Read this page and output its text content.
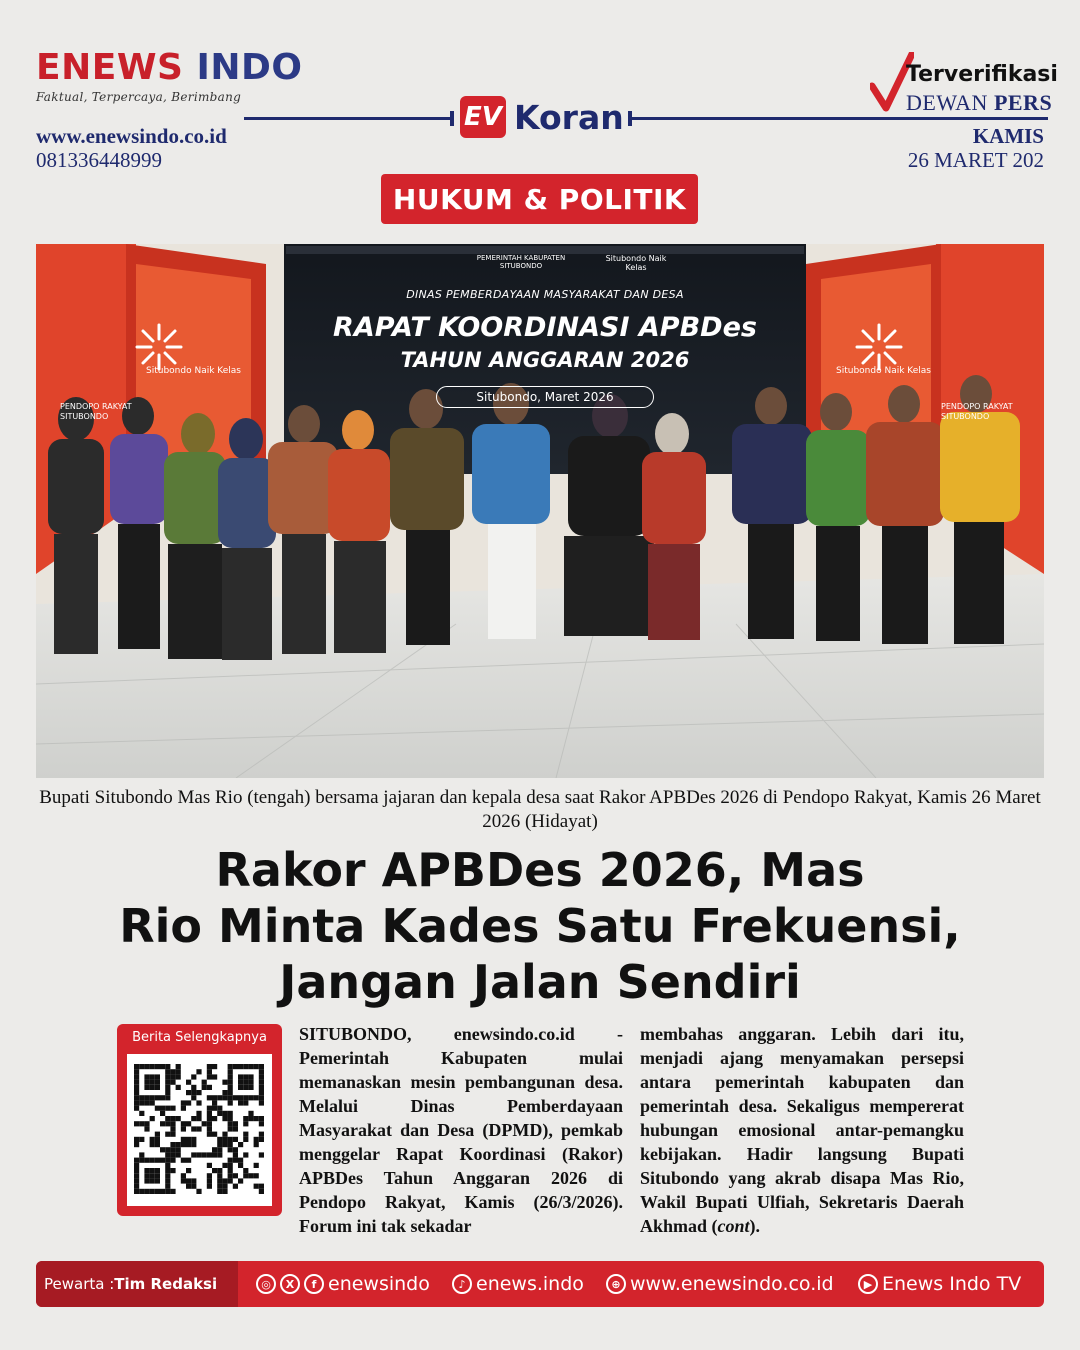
ENEWS INDO
Faktual, Terpercaya, Berimbang
www.enewsindo.co.id
081336448999
EV Koran
Terverifikasi
DEWAN PERS
KAMIS
26 MARET 202
HUKUM & POLITIK
PEMERINTAH KABUPATEN SITUBONDO
Situbondo Naik Kelas
DINAS PEMBERDAYAAN MASYARAKAT DAN DESA
RAPAT KOORDINASI APBDes
TAHUN ANGGARAN 2026
Situbondo, Maret 2026
Situbondo Naik Kelas	Situbondo Naik Kelas
PENDOPO RAKYAT SITUBONDO
PENDOPO RAKYAT SITUBONDO
Bupati Situbondo Mas Rio (tengah) bersama jajaran dan kepala desa saat Rakor APBDes 2026 di Pendopo Rakyat, Kamis 26 Maret 2026 (Hidayat)
Rakor APBDes 2026, Mas
Rio Minta Kades Satu Frekuensi,
Jangan Jalan Sendiri
Berita Selengkapnya	SITUBONDO, enewsindo.co.id - Pemerintah Kabupaten mulai memanaskan mesin pembangunan desa. Melalui Dinas Pemberdayaan Masyarakat dan Desa (DPMD), pemkab menggelar Rapat Koordinasi (Rakor) APBDes Tahun Anggaran 2026 di Pendopo Rakyat, Kamis (26/3/2026). Forum ini tak sekadar
membahas anggaran. Lebih dari itu, menjadi ajang menyamakan persepsi antara pemerintah kabupaten dan pemerintah desa. Sekaligus mempererat hubungan emosional antar-pemangku kebijakan. Hadir langsung Bupati Situbondo yang akrab disapa Mas Rio, Wakil Bupati Ulfiah, Sekretaris Daerah Akhmad (cont).
Pewarta : Tim Redaksi	◎	X	f enewsindo	♪ enews.indo	⊕ www.enewsindo.co.id	▶ Enews Indo TV
